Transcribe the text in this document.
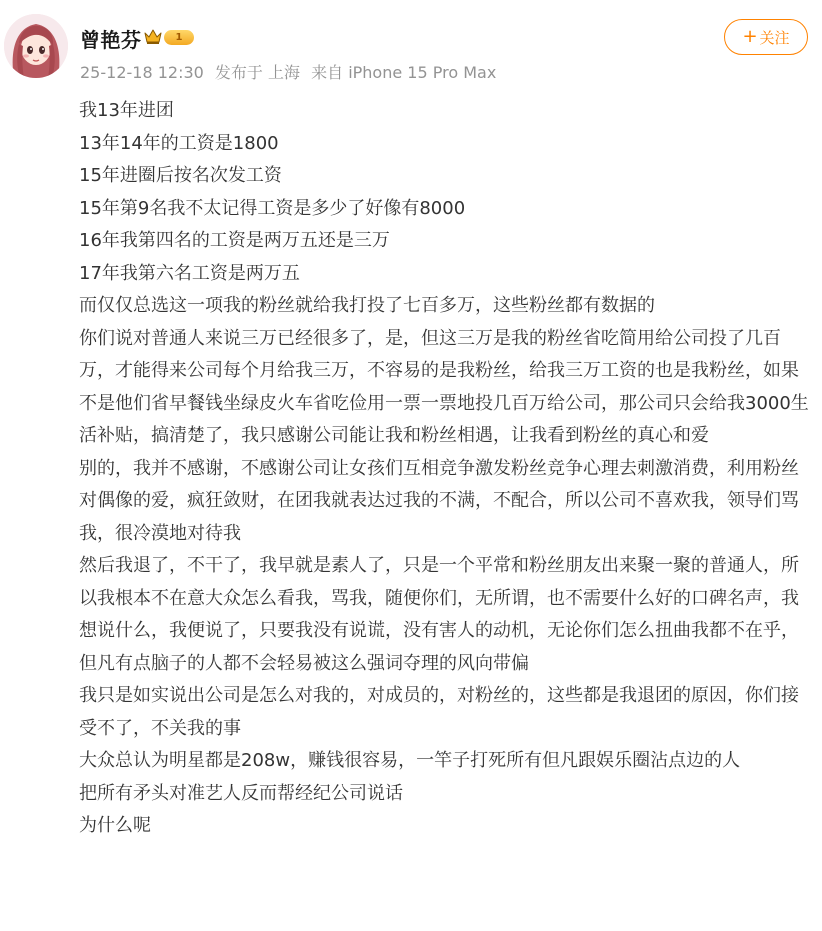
曾艳芬	1
25-12-18 12:30 发布于 上海 来自 iPhone 15 Pro Max
+ 关注

我13年进团

13年14年的工资是1800

15年进圈后按名次发工资

15年第9名我不太记得工资是多少了好像有8000

16年我第四名的工资是两万五还是三万

17年我第六名工资是两万五

而仅仅总选这一项我的粉丝就给我打投了七百多万，这些粉丝都有数据的

你们说对普通人来说三万已经很多了，是，但这三万是我的粉丝省吃简用给公司投了几百万，才能得来公司每个月给我三万，不容易的是我粉丝，给我三万工资的也是我粉丝，如果不是他们省早餐钱坐绿皮火车省吃俭用一票一票地投几百万给公司，那公司只会给我3000生活补贴，搞清楚了，我只感谢公司能让我和粉丝相遇，让我看到粉丝的真心和爱

别的，我并不感谢，不感谢公司让女孩们互相竞争激发粉丝竞争心理去刺激消费，利用粉丝对偶像的爱，疯狂敛财，在团我就表达过我的不满，不配合，所以公司不喜欢我，领导们骂我，很冷漠地对待我

然后我退了，不干了，我早就是素人了，只是一个平常和粉丝朋友出来聚一聚的普通人，所以我根本不在意大众怎么看我，骂我，随便你们，无所谓，也不需要什么好的口碑名声，我想说什么，我便说了，只要我没有说谎，没有害人的动机，无论你们怎么扭曲我都不在乎，但凡有点脑子的人都不会轻易被这么强词夺理的风向带偏

我只是如实说出公司是怎么对我的，对成员的，对粉丝的，这些都是我退团的原因，你们接受不了，不关我的事

大众总认为明星都是208w，赚钱很容易，一竿子打死所有但凡跟娱乐圈沾点边的人

把所有矛头对准艺人反而帮经纪公司说话

为什么呢
